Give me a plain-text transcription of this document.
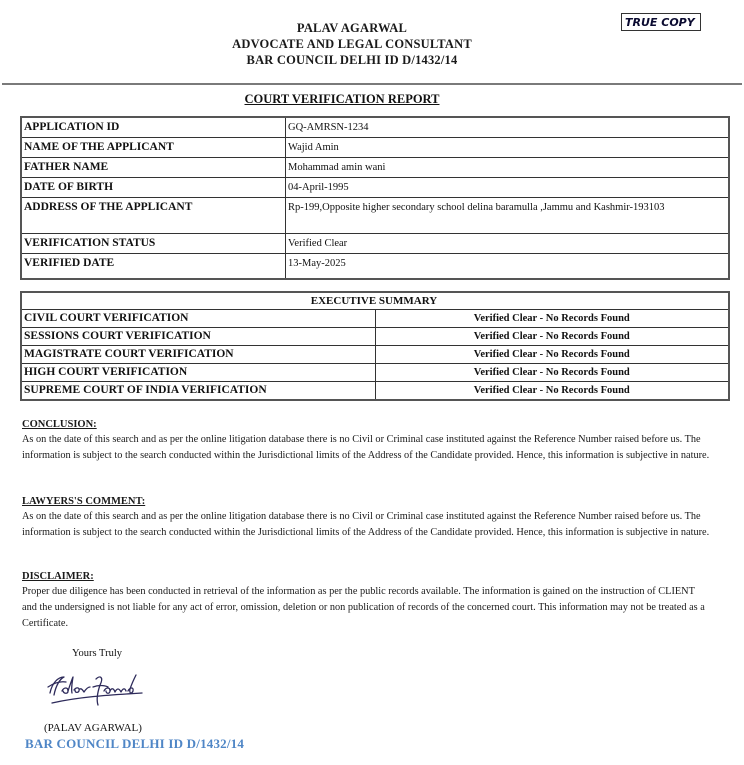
PALAV AGARWAL
ADVOCATE AND LEGAL CONSULTANT
BAR COUNCIL DELHI ID D/1432/14
TRUE COPY
COURT VERIFICATION REPORT
APPLICATION ID	GQ-AMRSN-1234
NAME OF THE APPLICANT	Wajid Amin
FATHER NAME	Mohammad amin wani
DATE OF BIRTH	04-April-1995
ADDRESS OF THE APPLICANT	Rp-199,Opposite higher secondary school delina baramulla ,Jammu and Kashmir-193103
VERIFICATION STATUS	Verified Clear
VERIFIED DATE	13-May-2025
EXECUTIVE SUMMARY	
CIVIL COURT VERIFICATION	Verified Clear - No Records Found
SESSIONS COURT VERIFICATION	Verified Clear - No Records Found
MAGISTRATE COURT VERIFICATION	Verified Clear - No Records Found
HIGH COURT VERIFICATION	Verified Clear - No Records Found
SUPREME COURT OF INDIA VERIFICATION	Verified Clear - No Records Found
CONCLUSION:
As on the date of this search and as per the online litigation database there is no Civil or Criminal case instituted against the Reference Number raised before us. The information is subject to the search conducted within the Jurisdictional limits of the Address of the Candidate provided. Hence, this information is subjective in nature.
LAWYERS'S COMMENT:
As on the date of this search and as per the online litigation database there is no Civil or Criminal case instituted against the Reference Number raised before us. The information is subject to the search conducted within the Jurisdictional limits of the Address of the Candidate provided. Hence, this information is subjective in nature.
DISCLAIMER:
Proper due diligence has been conducted in retrieval of the information as per the public records available. The information is gained on the instruction of CLIENT and the undersigned is not liable for any act of error, omission, deletion or non publication of records of the concerned court. This information may not be treated as a Certificate.
Yours Truly
(PALAV AGARWAL)
BAR COUNCIL DELHI ID D/1432/14
